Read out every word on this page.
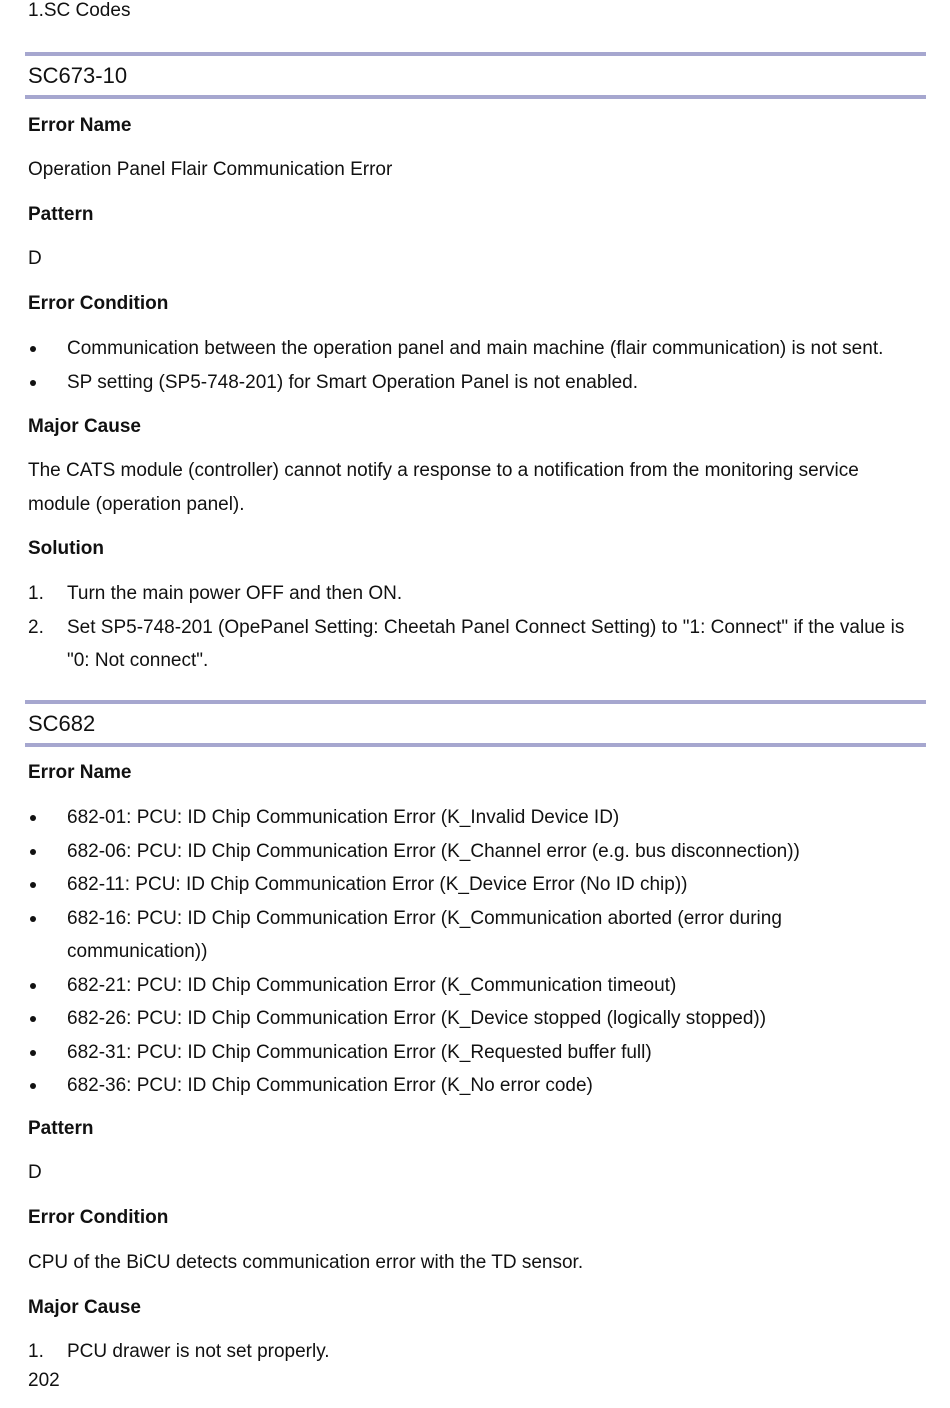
1.SC Codes
SC673-10
Error Name
Operation Panel Flair Communication Error
Pattern
D
Error Condition
Communication between the operation panel and main machine (flair communication) is not sent.
SP setting (SP5-748-201) for Smart Operation Panel is not enabled.
Major Cause
The CATS module (controller) cannot notify a response to a notification from the monitoring service module (operation panel).
Solution
1. Turn the main power OFF and then ON.
2. Set SP5-748-201 (OpePanel Setting: Cheetah Panel Connect Setting) to "1: Connect" if the value is "0: Not connect".
SC682
Error Name
682-01: PCU: ID Chip Communication Error (K_Invalid Device ID)
682-06: PCU: ID Chip Communication Error (K_Channel error (e.g. bus disconnection))
682-11: PCU: ID Chip Communication Error (K_Device Error (No ID chip))
682-16: PCU: ID Chip Communication Error (K_Communication aborted (error during communication))
682-21: PCU: ID Chip Communication Error (K_Communication timeout)
682-26: PCU: ID Chip Communication Error (K_Device stopped (logically stopped))
682-31: PCU: ID Chip Communication Error (K_Requested buffer full)
682-36: PCU: ID Chip Communication Error (K_No error code)
Pattern
D
Error Condition
CPU of the BiCU detects communication error with the TD sensor.
Major Cause
1. PCU drawer is not set properly.
202
